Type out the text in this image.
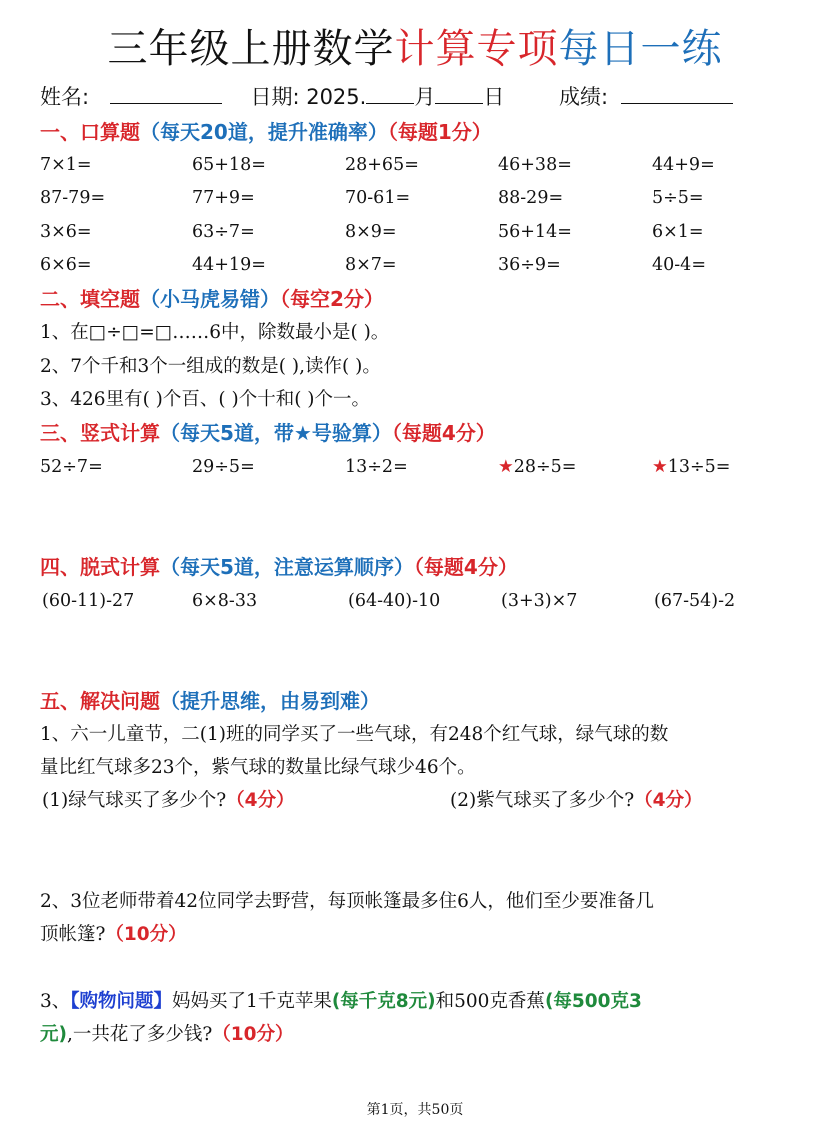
三年级上册数学计算专项每日一练
姓名:	日期: 2025. 月 日	成绩:
一、口算题（每天20道，提升准确率）（每题1分）
7×1=	65+18=	28+65=	46+38=	44+9=
87-79=	77+9=	70-61=	88-29=	5÷5=
3×6=	63÷7=	8×9=	56+14=	6×1=
6×6=	44+19=	8×7=	36÷9=	40-4=
二、填空题（小马虎易错）（每空2分）
1、在□÷□=□……6中，除数最小是( )。
2、7个千和3个一组成的数是( ),读作( )。
3、426里有( )个百、( )个十和( )个一。
三、竖式计算（每天5道，带★号验算）（每题4分）
52÷7=	29÷5=	13÷2=	★28÷5=	★13÷5=
四、脱式计算（每天5道，注意运算顺序）（每题4分）
(60-11)-27	6×8-33	(64-40)-10	(3+3)×7	(67-54)-2
五、解决问题（提升思维，由易到难）
1、六一儿童节，二(1)班的同学买了一些气球，有248个红气球，绿气球的数
量比红气球多23个，紫气球的数量比绿气球少46个。
(1)绿气球买了多少个?（4分）	(2)紫气球买了多少个?（4分）
2、3位老师带着42位同学去野营，每顶帐篷最多住6人，他们至少要准备几
顶帐篷?（10分）
3、【购物问题】妈妈买了1千克苹果(每千克8元)和500克香蕉(每500克3
元),一共花了多少钱?（10分）
第1页，共50页
